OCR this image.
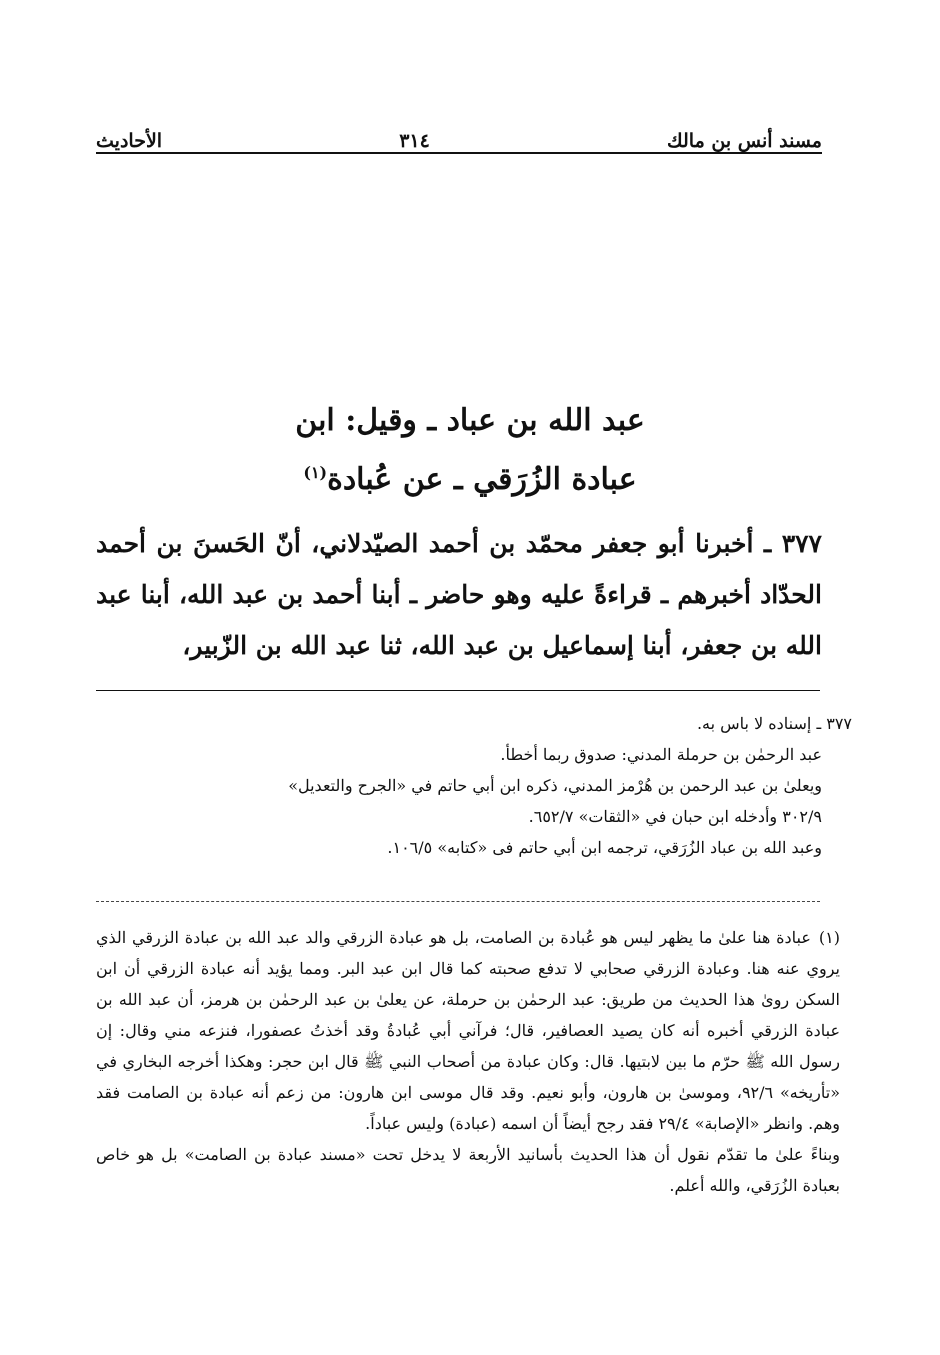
مسند أنس بن مالك
٣١٤
الأحاديث
عبد الله بن عباد ـ وقيل: ابن
عبادة الزُرَقي ـ عن عُبادة$^{(١)}$
٣٧٧ ـ أخبرنا أبو جعفر محمّد بن أحمد الصيّدلاني، أنّ الحَسنَ بن أحمد الحدّاد أخبرهم ـ قراءةً عليه وهو حاضر ـ أبنا أحمد بن عبد الله، أبنا عبد الله بن جعفر، أبنا إسماعيل بن عبد الله، ثنا عبد الله بن الزّبير،

٣٧٧ ـ إسناده لا باس به.

عبد الرحمٰن بن حرملة المدني: صدوق ربما أخطأ.

ويعلىٰ بن عبد الرحمن بن هُرْمز المدني، ذكره ابن أبي حاتم في «الجرح والتعديل»

٣٠٢/٩ وأدخله ابن حبان في «الثقات» ٦٥٢/٧.

وعبد الله بن عباد الزُرَقي، ترجمه ابن أبي حاتم فى «كتابه» ١٠٦/٥.

(١)عبادة هنا علىٰ ما يظهر ليس هو عُبادة بن الصامت، بل هو عبادة الزرقي والد عبد الله بن عبادة الزرقي الذي يروي عنه هنا. وعبادة الزرقي صحابي لا تدفع صحبته كما قال ابن عبد البر. ومما يؤيد أنه عبادة الزرقي أن ابن السكن روىٰ هذا الحديث من طريق: عبد الرحمٰن بن حرملة، عن يعلىٰ بن عبد الرحمٰن بن هرمز، أن عبد الله بن عبادة الزرقي أخبره أنه كان يصيد العصافير، قال؛ فرآني أبي عُبادةُ وقد أخذتُ عصفورا، فنزعه مني وقال: إن رسول الله ﷺ حرّم ما بين لابتيها. قال: وكان عبادة من أصحاب النبي ﷺ قال ابن حجر: وهكذا أخرجه البخاري في «تأريخه» ٩٢/٦، وموسىٰ بن هارون، وأبو نعيم. وقد قال موسى ابن هارون: من زعم أنه عبادة بن الصامت فقد وهم. وانظر «الإصابة» ٢٩/٤ فقد رجح أيضاً أن اسمه (عبادة) وليس عباداً.

وبناءً علىٰ ما تقدّم نقول أن هذا الحديث بأسانيد الأربعة لا يدخل تحت «مسند عبادة بن الصامت» بل هو خاص بعبادة الزُرَقي، والله أعلم.
